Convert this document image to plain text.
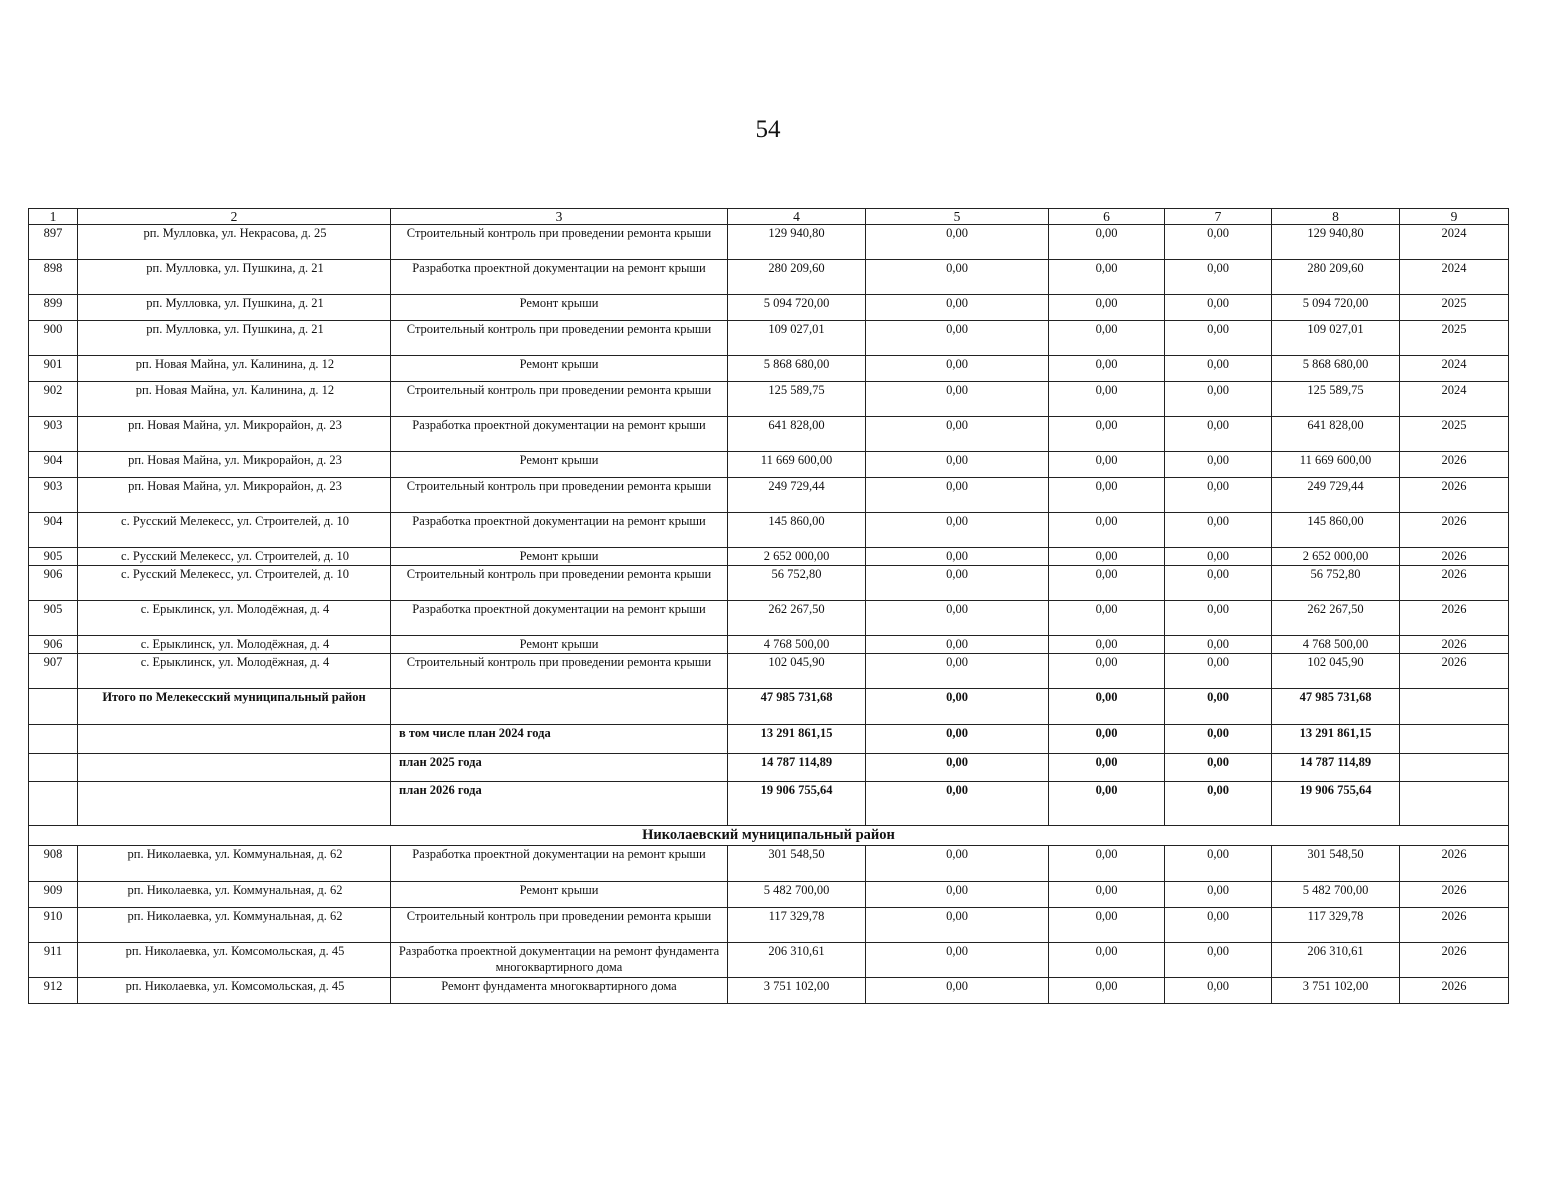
54
1	2	3	4	5	6	7	8	9
897	рп. Мулловка, ул. Некрасова, д. 25	Строительный контроль при проведении ремонта крыши	129 940,80	0,00	0,00	0,00	129 940,80	2024
898	рп. Мулловка, ул. Пушкина, д. 21	Разработка проектной документации на ремонт крыши	280 209,60	0,00	0,00	0,00	280 209,60	2024
899	рп. Мулловка, ул. Пушкина, д. 21	Ремонт крыши	5 094 720,00	0,00	0,00	0,00	5 094 720,00	2025
900	рп. Мулловка, ул. Пушкина, д. 21	Строительный контроль при проведении ремонта крыши	109 027,01	0,00	0,00	0,00	109 027,01	2025
901	рп. Новая Майна, ул. Калинина, д. 12	Ремонт крыши	5 868 680,00	0,00	0,00	0,00	5 868 680,00	2024
902	рп. Новая Майна, ул. Калинина, д. 12	Строительный контроль при проведении ремонта крыши	125 589,75	0,00	0,00	0,00	125 589,75	2024
903	рп. Новая Майна, ул. Микрорайон, д. 23	Разработка проектной документации на ремонт крыши	641 828,00	0,00	0,00	0,00	641 828,00	2025
904	рп. Новая Майна, ул. Микрорайон, д. 23	Ремонт крыши	11 669 600,00	0,00	0,00	0,00	11 669 600,00	2026
903	рп. Новая Майна, ул. Микрорайон, д. 23	Строительный контроль при проведении ремонта крыши	249 729,44	0,00	0,00	0,00	249 729,44	2026
904	с. Русский Мелекесс, ул. Строителей, д. 10	Разработка проектной документации на ремонт крыши	145 860,00	0,00	0,00	0,00	145 860,00	2026
905	с. Русский Мелекесс, ул. Строителей, д. 10	Ремонт крыши	2 652 000,00	0,00	0,00	0,00	2 652 000,00	2026
906	с. Русский Мелекесс, ул. Строителей, д. 10	Строительный контроль при проведении ремонта крыши	56 752,80	0,00	0,00	0,00	56 752,80	2026
905	с. Ерыклинск, ул. Молодёжная, д. 4	Разработка проектной документации на ремонт крыши	262 267,50	0,00	0,00	0,00	262 267,50	2026
906	с. Ерыклинск, ул. Молодёжная, д. 4	Ремонт крыши	4 768 500,00	0,00	0,00	0,00	4 768 500,00	2026
907	с. Ерыклинск, ул. Молодёжная, д. 4	Строительный контроль при проведении ремонта крыши	102 045,90	0,00	0,00	0,00	102 045,90	2026
	Итого по Мелекесский муниципальный район		47 985 731,68	0,00	0,00	0,00	47 985 731,68	
		в том числе план 2024 года	13 291 861,15	0,00	0,00	0,00	13 291 861,15	
		план 2025 года	14 787 114,89	0,00	0,00	0,00	14 787 114,89	
		план 2026 года	19 906 755,64	0,00	0,00	0,00	19 906 755,64	
Николаевский муниципальный район								
908	рп. Николаевка, ул. Коммунальная, д. 62	Разработка проектной документации на ремонт крыши	301 548,50	0,00	0,00	0,00	301 548,50	2026
909	рп. Николаевка, ул. Коммунальная, д. 62	Ремонт крыши	5 482 700,00	0,00	0,00	0,00	5 482 700,00	2026
910	рп. Николаевка, ул. Коммунальная, д. 62	Строительный контроль при проведении ремонта крыши	117 329,78	0,00	0,00	0,00	117 329,78	2026
911	рп. Николаевка, ул. Комсомольская, д. 45	Разработка проектной документации на ремонт фундамента многоквартирного дома	206 310,61	0,00	0,00	0,00	206 310,61	2026
912	рп. Николаевка, ул. Комсомольская, д. 45	Ремонт фундамента многоквартирного дома	3 751 102,00	0,00	0,00	0,00	3 751 102,00	2026
